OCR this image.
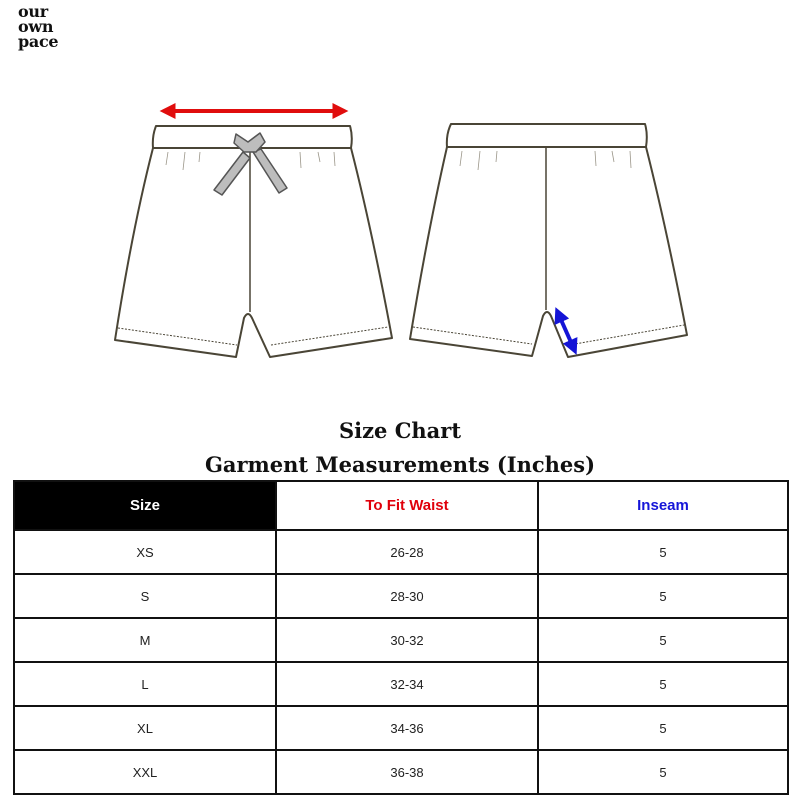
our
own
pace
Size Chart
Garment Measurements (Inches)
Size	To Fit Waist	Inseam
XS	26-28	5
S	28-30	5
M	30-32	5
L	32-34	5
XL	34-36	5
XXL	36-38	5
